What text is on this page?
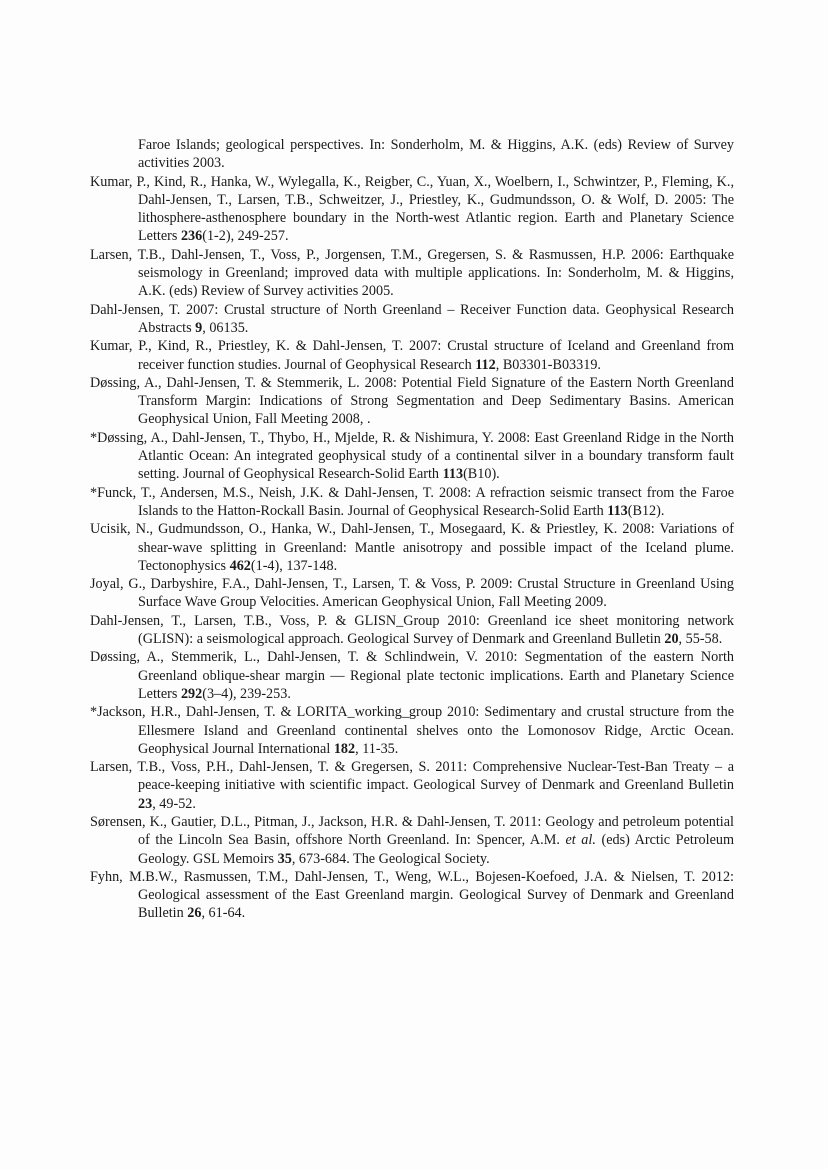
Faroe Islands; geological perspectives. In: Sonderholm, M. & Higgins, A.K. (eds) Review of Survey activities 2003.

Kumar, P., Kind, R., Hanka, W., Wylegalla, K., Reigber, C., Yuan, X., Woelbern, I., Schwintzer, P., Fleming, K., Dahl-Jensen, T., Larsen, T.B., Schweitzer, J., Priestley, K., Gudmundsson, O. & Wolf, D. 2005: The lithosphere-asthenosphere boundary in the North-west Atlantic region. Earth and Planetary Science Letters 236(1-2), 249-257.

Larsen, T.B., Dahl-Jensen, T., Voss, P., Jorgensen, T.M., Gregersen, S. & Rasmussen, H.P. 2006: Earthquake seismology in Greenland; improved data with multiple applications. In: Sonderholm, M. & Higgins, A.K. (eds) Review of Survey activities 2005.

Dahl-Jensen, T. 2007: Crustal structure of North Greenland – Receiver Function data. Geophysical Research Abstracts 9, 06135.

Kumar, P., Kind, R., Priestley, K. & Dahl-Jensen, T. 2007: Crustal structure of Iceland and Greenland from receiver function studies. Journal of Geophysical Research 112, B03301-B03319.

Døssing, A., Dahl-Jensen, T. & Stemmerik, L. 2008: Potential Field Signature of the Eastern North Greenland Transform Margin: Indications of Strong Segmentation and Deep Sedimentary Basins. American Geophysical Union, Fall Meeting 2008, .

*Døssing, A., Dahl-Jensen, T., Thybo, H., Mjelde, R. & Nishimura, Y. 2008: East Greenland Ridge in the North Atlantic Ocean: An integrated geophysical study of a continental silver in a boundary transform fault setting. Journal of Geophysical Research-Solid Earth 113(B10).

*Funck, T., Andersen, M.S., Neish, J.K. & Dahl-Jensen, T. 2008: A refraction seismic transect from the Faroe Islands to the Hatton-Rockall Basin. Journal of Geophysical Research-Solid Earth 113(B12).

Ucisik, N., Gudmundsson, O., Hanka, W., Dahl-Jensen, T., Mosegaard, K. & Priestley, K. 2008: Variations of shear-wave splitting in Greenland: Mantle anisotropy and possible impact of the Iceland plume. Tectonophysics 462(1-4), 137-148.

Joyal, G., Darbyshire, F.A., Dahl-Jensen, T., Larsen, T. & Voss, P. 2009: Crustal Structure in Greenland Using Surface Wave Group Velocities. American Geophysical Union, Fall Meeting 2009.

Dahl-Jensen, T., Larsen, T.B., Voss, P. & GLISN_Group 2010: Greenland ice sheet monitoring network (GLISN): a seismological approach. Geological Survey of Denmark and Greenland Bulletin 20, 55-58.

Døssing, A., Stemmerik, L., Dahl-Jensen, T. & Schlindwein, V. 2010: Segmentation of the eastern North Greenland oblique-shear margin — Regional plate tectonic implications. Earth and Planetary Science Letters 292(3–4), 239-253.

*Jackson, H.R., Dahl-Jensen, T. & LORITA_working_group 2010: Sedimentary and crustal structure from the Ellesmere Island and Greenland continental shelves onto the Lomonosov Ridge, Arctic Ocean. Geophysical Journal International 182, 11-35.

Larsen, T.B., Voss, P.H., Dahl-Jensen, T. & Gregersen, S. 2011: Comprehensive Nuclear-Test-Ban Treaty – a peace-keeping initiative with scientific impact. Geological Survey of Denmark and Greenland Bulletin 23, 49-52.

Sørensen, K., Gautier, D.L., Pitman, J., Jackson, H.R. & Dahl-Jensen, T. 2011: Geology and petroleum potential of the Lincoln Sea Basin, offshore North Greenland. In: Spencer, A.M. et al. (eds) Arctic Petroleum Geology. GSL Memoirs 35, 673-684. The Geological Society.

Fyhn, M.B.W., Rasmussen, T.M., Dahl-Jensen, T., Weng, W.L., Bojesen-Koefoed, J.A. & Nielsen, T. 2012: Geological assessment of the East Greenland margin. Geological Survey of Denmark and Greenland Bulletin 26, 61-64.
